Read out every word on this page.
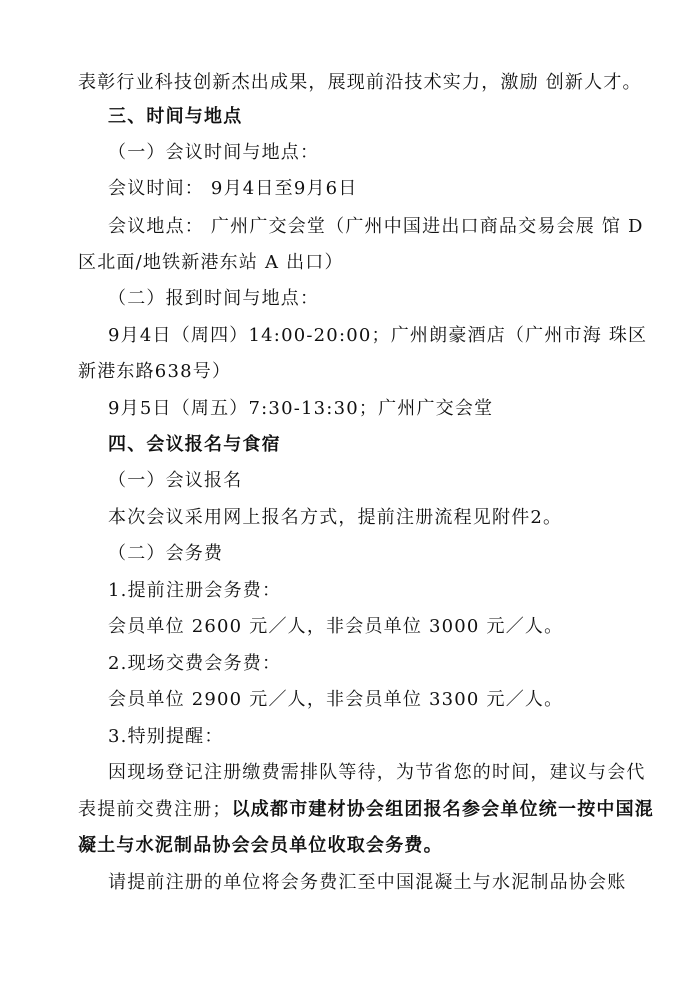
表彰行业科技创新杰出成果，展现前沿技术实力，激励 创新人才。
三、时间与地点
（一）会议时间与地点：
会议时间： 9月4日至9月6日
会议地点： 广州广交会堂（广州中国进出口商品交易会展 馆 D
区北面/地铁新港东站 A 出口）
（二）报到时间与地点：
9月4日（周四）14:00-20:00；广州朗豪酒店（广州市海 珠区
新港东路638号）
9月5日（周五）7:30-13:30；广州广交会堂
四、会议报名与食宿
（一）会议报名
本次会议采用网上报名方式，提前注册流程见附件2。
（二）会务费
1.提前注册会务费：
会员单位 2600 元／人，非会员单位 3000 元／人。
2.现场交费会务费：
会员单位 2900 元／人，非会员单位 3300 元／人。
3.特别提醒：
因现场登记注册缴费需排队等待，为节省您的时间，建议与会代
表提前交费注册；以成都市建材协会组团报名参会单位统一按中国混
凝土与水泥制品协会会员单位收取会务费。
请提前注册的单位将会务费汇至中国混凝土与水泥制品协会账
